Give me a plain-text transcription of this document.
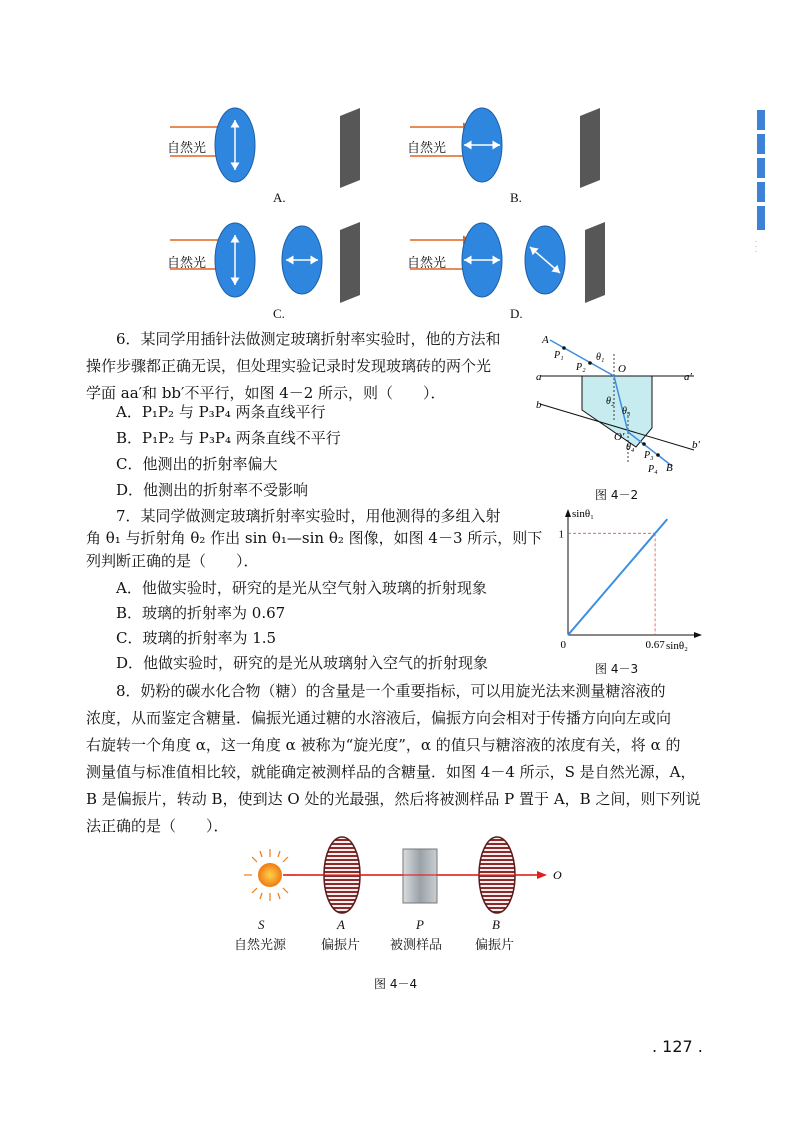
· · ·
自然光	自然光
自然光	自然光
A.	B.
C.	D.
6．某同学用插针法做测定玻璃折射率实验时，他的方法和
操作步骤都正确无误，但处理实验记录时发现玻璃砖的两个光
学面 aa′和 bb′不平行，如图 4－2 所示，则（　　）．
A．P₁P₂ 与 P₃P₄ 两条直线平行
B．P₁P₂ 与 P₃P₄ 两条直线不平行
C．他测出的折射率偏大
D．他测出的折射率不受影响
A
P₁
P₂
θ₁
O
a	a′
b	θ₂
θ₃
O′
θ₄
P₃
P₄ B
b′
图 4－2
7．某同学做测定玻璃折射率实验时，用他测得的多组入射
角 θ₁ 与折射角 θ₂ 作出 sin θ₁—sin θ₂ 图像，如图 4－3 所示，则下
列判断正确的是（　　）．
A．他做实验时，研究的是光从空气射入玻璃的折射现象
B．玻璃的折射率为 0.67
C．玻璃的折射率为 1.5
D．他做实验时，研究的是光从玻璃射入空气的折射现象
1
0.67
0
sinθ₁
sinθ₂
图 4－3
8．奶粉的碳水化合物（糖）的含量是一个重要指标，可以用旋光法来测量糖溶液的
浓度，从而鉴定含糖量．偏振光通过糖的水溶液后，偏振方向会相对于传播方向向左或向
右旋转一个角度 α，这一角度 α 被称为“旋光度”，α 的值只与糖溶液的浓度有关，将 α 的
测量值与标准值相比较，就能确定被测样品的含糖量．如图 4－4 所示，S 是自然光源，A，
B 是偏振片，转动 B，使到达 O 处的光最强，然后将被测样品 P 置于 A，B 之间，则下列说
法正确的是（　　）．
O
S	A	P	B
自然光源	偏振片 被测样品	偏振片
图 4－4
. 127 .
